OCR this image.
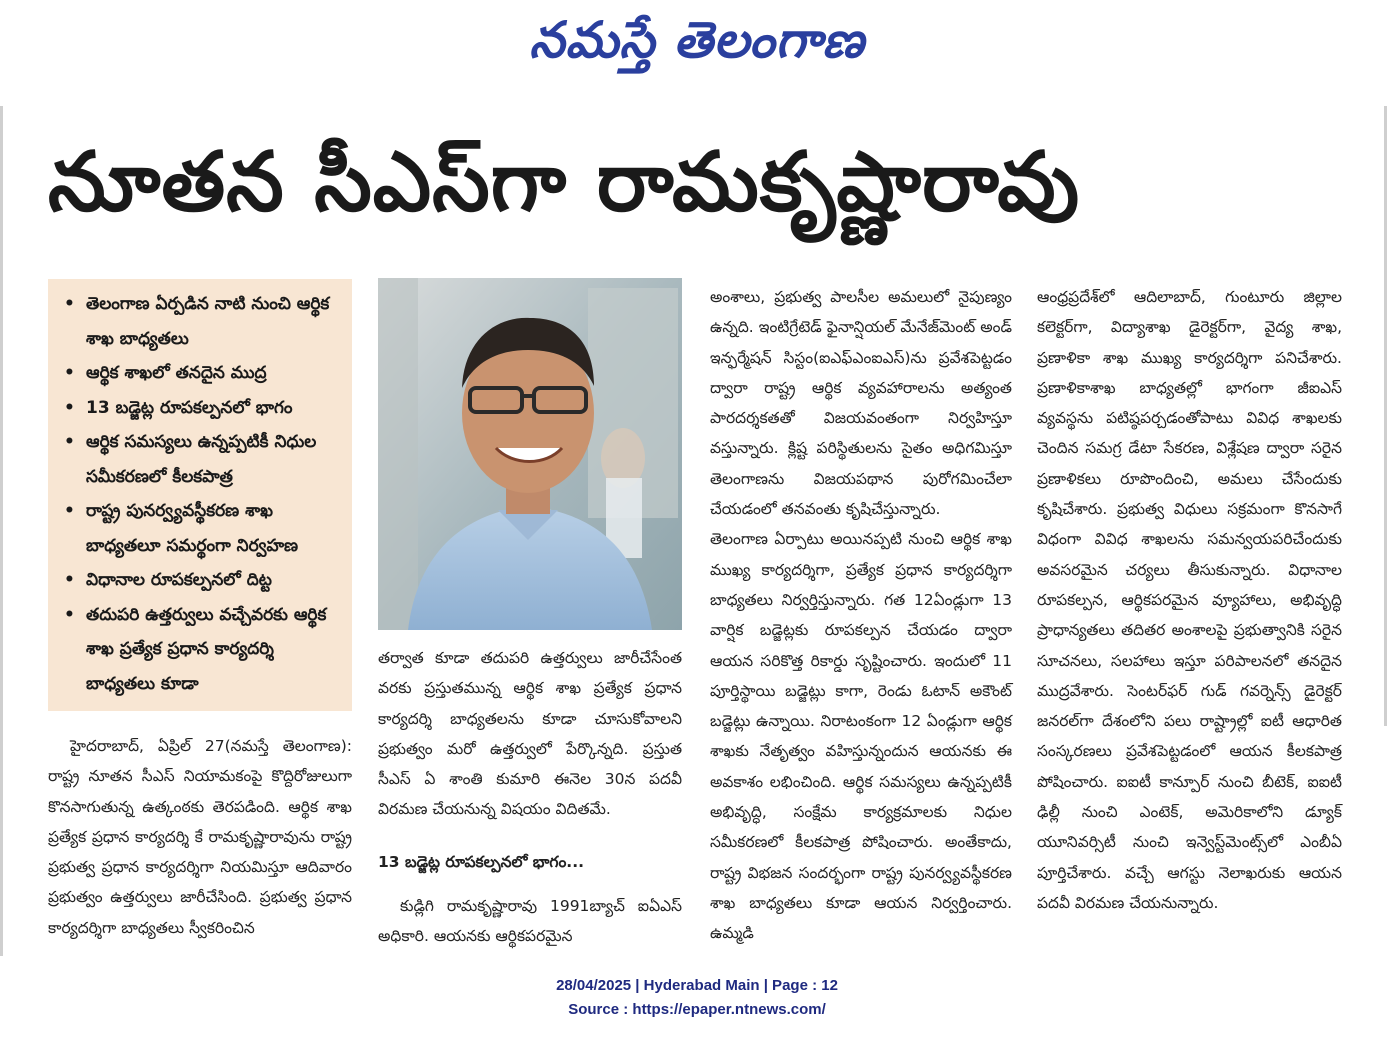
నమస్తే తెలంగాణ
నూతన సీఎస్‌గా రామకృష్ణారావు
• తెలంగాణ ఏర్పడిన నాటి నుంచి ఆర్థిక శాఖ బాధ్యతలు
• ఆర్థిక శాఖలో తనదైన ముద్ర
• 13 బడ్జెట్ల రూపకల్పనలో భాగం
• ఆర్థిక సమస్యలు ఉన్నప్పటికీ నిధుల సమీకరణలో కీలకపాత్ర
• రాష్ట్ర పునర్వ్యవస్థీకరణ శాఖ బాధ్యతలూ సమర్థంగా నిర్వహణ
• విధానాల రూపకల్పనలో దిట్ట
• తదుపరి ఉత్తర్వులు వచ్చేవరకు ఆర్థిక శాఖ ప్రత్యేక ప్రధాన కార్యదర్శి బాధ్యతలు కూడా

హైదరాబాద్, ఏప్రిల్ 27(నమస్తే తెలంగాణ): రాష్ట్ర నూతన సీఎస్ నియామకంపై కొద్దిరోజులుగా కొనసాగుతున్న ఉత్కంఠకు తెరపడింది. ఆర్థిక శాఖ ప్రత్యేక ప్రధాన కార్యదర్శి కే రామకృష్ణారావును రాష్ట్ర ప్రభుత్వ ప్రధాన కార్యదర్శిగా నియమిస్తూ ఆదివారం ప్రభుత్వం ఉత్తర్వులు జారీచేసింది. ప్రభుత్వ ప్రధాన కార్యదర్శిగా బాధ్యతలు స్వీకరించిన

తర్వాత కూడా తదుపరి ఉత్తర్వులు జారీచేసేంత వరకు ప్రస్తుతమున్న ఆర్థిక శాఖ ప్రత్యేక ప్రధాన కార్యదర్శి బాధ్యతలను కూడా చూసుకోవాలని ప్రభుత్వం మరో ఉత్తర్వులో పేర్కొన్నది. ప్రస్తుత సీఎస్ ఏ శాంతి కుమారి ఈనెల 30న పదవీ విరమణ చేయనున్న విషయం విదితమే.

13 బడ్జెట్ల రూపకల్పనలో భాగం...

కుడ్లిగి రామకృష్ణారావు 1991బ్యాచ్ ఐఏఎస్ అధికారి. ఆయనకు ఆర్థికపరమైన

అంశాలు, ప్రభుత్వ పాలసీల అమలులో నైపుణ్యం ఉన్నది. ఇంటిగ్రేటెడ్ ఫైనాన్షియల్ మేనేజ్‌మెంట్ అండ్ ఇన్ఫర్మేషన్ సిస్టం(ఐఎఫ్ఎంఐఎస్)ను ప్రవేశపెట్టడం ద్వారా రాష్ట్ర ఆర్థిక వ్యవహారాలను అత్యంత పారదర్శకతతో విజయవంతంగా నిర్వహిస్తూ వస్తున్నారు. క్లిష్ట పరిస్థితులను సైతం అధిగమిస్తూ తెలంగాణను విజయపథాన పురోగమించేలా చేయడంలో తనవంతు కృషిచేస్తున్నారు.

తెలంగాణ ఏర్పాటు అయినప్పటి నుంచి ఆర్థిక శాఖ ముఖ్య కార్యదర్శిగా, ప్రత్యేక ప్రధాన కార్యదర్శిగా బాధ్యతలు నిర్వర్తిస్తున్నారు. గత 12ఏండ్లుగా 13 వార్షిక బడ్జెట్లకు రూపకల్పన చేయడం ద్వారా ఆయన సరికొత్త రికార్డు సృష్టించారు. ఇందులో 11 పూర్తిస్థాయి బడ్జెట్లు కాగా, రెండు ఓటాన్ అకౌంట్ బడ్జెట్లు ఉన్నాయి. నిరాటంకంగా 12 ఏండ్లుగా ఆర్థిక శాఖకు నేతృత్వం వహిస్తున్నందున ఆయనకు ఈ అవకాశం లభించింది. ఆర్థిక సమస్యలు ఉన్నప్పటికీ అభివృద్ధి, సంక్షేమ కార్యక్రమాలకు నిధుల సమీకరణలో కీలకపాత్ర పోషించారు. అంతేకాదు, రాష్ట్ర విభజన సందర్భంగా రాష్ట్ర పునర్వ్యవస్థీకరణ శాఖ బాధ్యతలు కూడా ఆయన నిర్వర్తించారు. ఉమ్మడి

ఆంధ్రప్రదేశ్‌లో ఆదిలాబాద్, గుంటూరు జిల్లాల కలెక్టర్‌గా, విద్యాశాఖ డైరెక్టర్‌గా, వైద్య శాఖ, ప్రణాళికా శాఖ ముఖ్య కార్యదర్శిగా పనిచేశారు. ప్రణాళికాశాఖ బాధ్యతల్లో భాగంగా జీఐఎస్ వ్యవస్థను పటిష్ఠపర్చడంతోపాటు వివిధ శాఖలకు చెందిన సమగ్ర డేటా సేకరణ, విశ్లేషణ ద్వారా సరైన ప్రణాళికలు రూపొందించి, అమలు చేసేందుకు కృషిచేశారు. ప్రభుత్వ విధులు సక్రమంగా కొనసాగే విధంగా వివిధ శాఖలను సమన్వయపరిచేందుకు అవసరమైన చర్యలు తీసుకున్నారు. విధానాల రూపకల్పన, ఆర్థికపరమైన వ్యూహాలు, అభివృద్ధి ప్రాధాన్యతలు తదితర అంశాలపై ప్రభుత్వానికి సరైన సూచనలు, సలహాలు ఇస్తూ పరిపాలనలో తనదైన ముద్రవేశారు. సెంటర్‌ఫర్ గుడ్ గవర్నెన్స్ డైరెక్టర్ జనరల్‌గా దేశంలోని పలు రాష్ట్రాల్లో ఐటీ ఆధారిత సంస్కరణలు ప్రవేశపెట్టడంలో ఆయన కీలకపాత్ర పోషించారు. ఐఐటీ కాన్పూర్ నుంచి బీటెక్, ఐఐటీ ఢిల్లీ నుంచి ఎంటెక్, అమెరికాలోని డ్యూక్ యూనివర్సిటీ నుంచి ఇన్వెస్ట్‌మెంట్స్‌లో ఎంబీఏ పూర్తిచేశారు. వచ్చే ఆగస్టు నెలాఖరుకు ఆయన పదవీ విరమణ చేయనున్నారు.

28/04/2025 | Hyderabad Main | Page : 12
Source : https://epaper.ntnews.com/
